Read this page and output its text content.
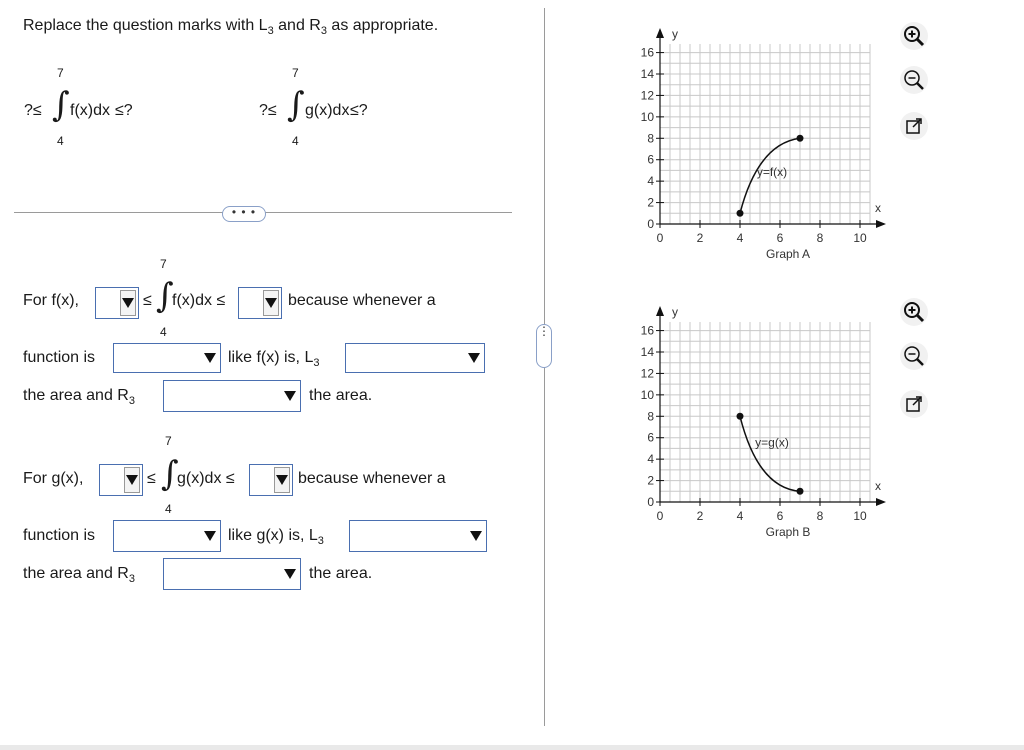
Replace the question marks with $L_3$ and $R_3$ as appropriate.
?≤
7
∫
4
f(x)dx ≤?	?≤
7
∫
4
g(x)dx ≤?
• • •
For f(x),	≤
7
∫
4
f(x)dx ≤	because whenever a
function is	like f(x) is, $L_3$
the area and $R_3$	the area.
For g(x),	≤
7
∫
4
g(x)dx ≤	because whenever a
function is	like g(x) is, $L_3$
the area and $R_3$	the area.
⋮
0
2
4
6
8
10
12
14
16
0	2	4	6	8 10
x
y
y=f(x)
Graph A
0
2
4
6
8
10
12
14
16
0	2	4	6	8 10
x
y
y=g(x)
Graph B
